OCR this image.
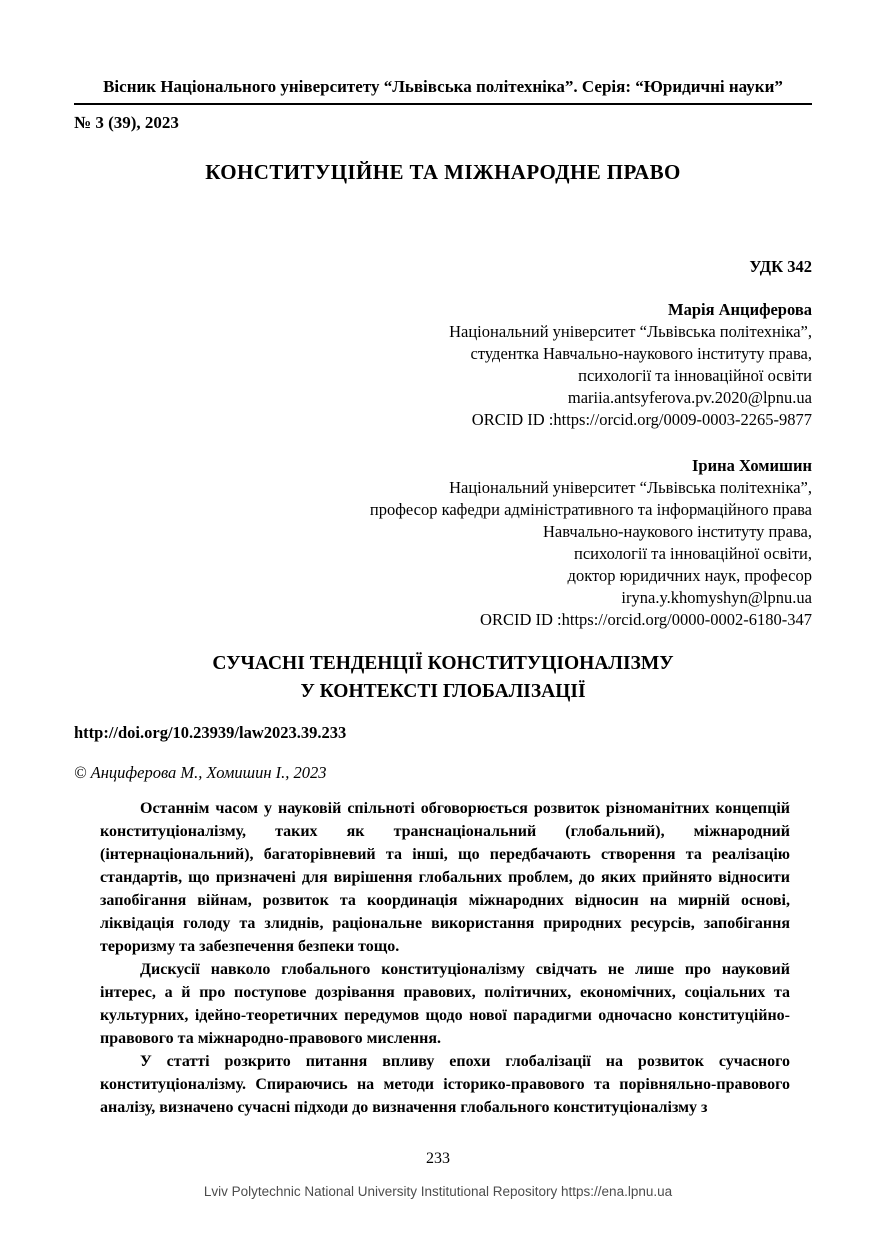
Вісник Національного університету “Львівська політехніка”. Серія: “Юридичні науки”
№ 3 (39), 2023
КОНСТИТУЦІЙНЕ ТА МІЖНАРОДНЕ ПРАВО
УДК 342
Марія Анциферова
Національний університет “Львівська політехніка”,
студентка Навчально-наукового інституту права,
психології та інноваційної освіти
mariia.antsyferova.pv.2020@lpnu.ua
ORCID ID :https://orcid.org/0009-0003-2265-9877
Ірина Хомишин
Національний університет “Львівська політехніка”,
професор кафедри адміністративного та інформаційного права
Навчально-наукового інституту права,
психології та інноваційної освіти,
доктор юридичних наук, професор
iryna.y.khomyshyn@lpnu.ua
ORCID ID :https://orcid.org/0000-0002-6180-347
СУЧАСНІ ТЕНДЕНЦІЇ КОНСТИТУЦІОНАЛІЗМУ
У КОНТЕКСТІ ГЛОБАЛІЗАЦІЇ
http://doi.org/10.23939/law2023.39.233
© Анциферова М., Хомишин І., 2023

Останнім часом у науковій спільноті обговорюється розвиток різноманітних концепцій конституціоналізму, таких як транснаціональний (глобальний), міжнародний (інтернаціональний), багаторівневий та інші, що передбачають створення та реалізацію стандартів, що призначені для вирішення глобальних проблем, до яких прийнято відносити запобігання війнам, розвиток та координація міжнародних відносин на мирній основі, ліквідація голоду та злиднів, раціональне використання природних ресурсів, запобігання тероризму та забезпечення безпеки тощо.

Дискусії навколо глобального конституціоналізму свідчать не лише про науковий інтерес, а й про поступове дозрівання правових, політичних, економічних, соціальних та культурних, ідейно-теоретичних передумов щодо нової парадигми одночасно конституційно-правового та міжнародно-правового мислення.

У статті розкрито питання впливу епохи глобалізації на розвиток сучасного конституціоналізму. Спираючись на методи історико-правового та порівняльно-правового аналізу, визначено сучасні підходи до визначення глобального конституціоналізму з

233
Lviv Polytechnic National University Institutional Repository https://ena.lpnu.ua
